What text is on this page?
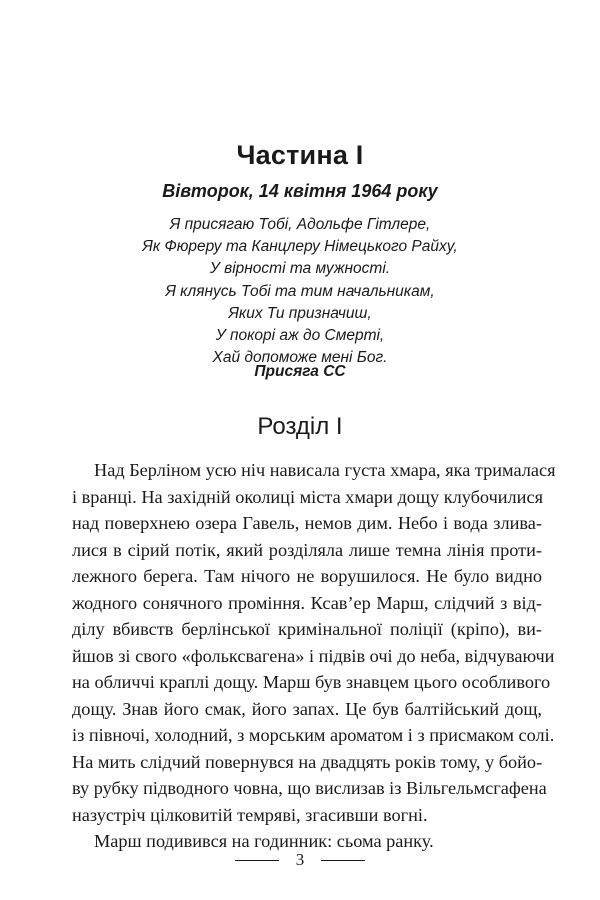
Частина I
Вівторок, 14 квітня 1964 року
Я присягаю Тобі, Адольфе Гітлере,
Як Фюреру та Канцлеру Німецького Райху,
У вірності та мужності.
Я клянусь Тобі та тим начальникам,
Яких Ти призначиш,
У покорі аж до Смерті,
Хай допоможе мені Бог.

Присяга СС

Розділ I
Над Берліном усю ніч нависала густа хмара, яка трималася
і вранці. На західній околиці міста хмари дощу клубочилися
над поверхнею озера Гавель, немов дим. Небо і вода злива-
лися в сірий потік, який розділяла лише темна лінія проти-
лежного берега. Там нічого не ворушилося. Не було видно
жодного сонячного проміння. Ксав’ер Марш, слідчий з від-
ділу вбивств берлінської кримінальної поліції (кріпо), ви-
йшов зі свого «фольксвагена» і підвів очі до неба, відчуваючи
на обличчі краплі дощу. Марш був знавцем цього особливого
дощу. Знав його смак, його запах. Це був балтійський дощ,
із півночі, холодний, з морським ароматом і з присмаком солі.
На мить слідчий повернувся на двадцять років тому, у бойо-
ву рубку підводного човна, що вислизав із Вільгельмсгафена
назустріч цілковитій темряві, згасивши вогні.
Марш подивився на годинник: сьома ранку.
3
